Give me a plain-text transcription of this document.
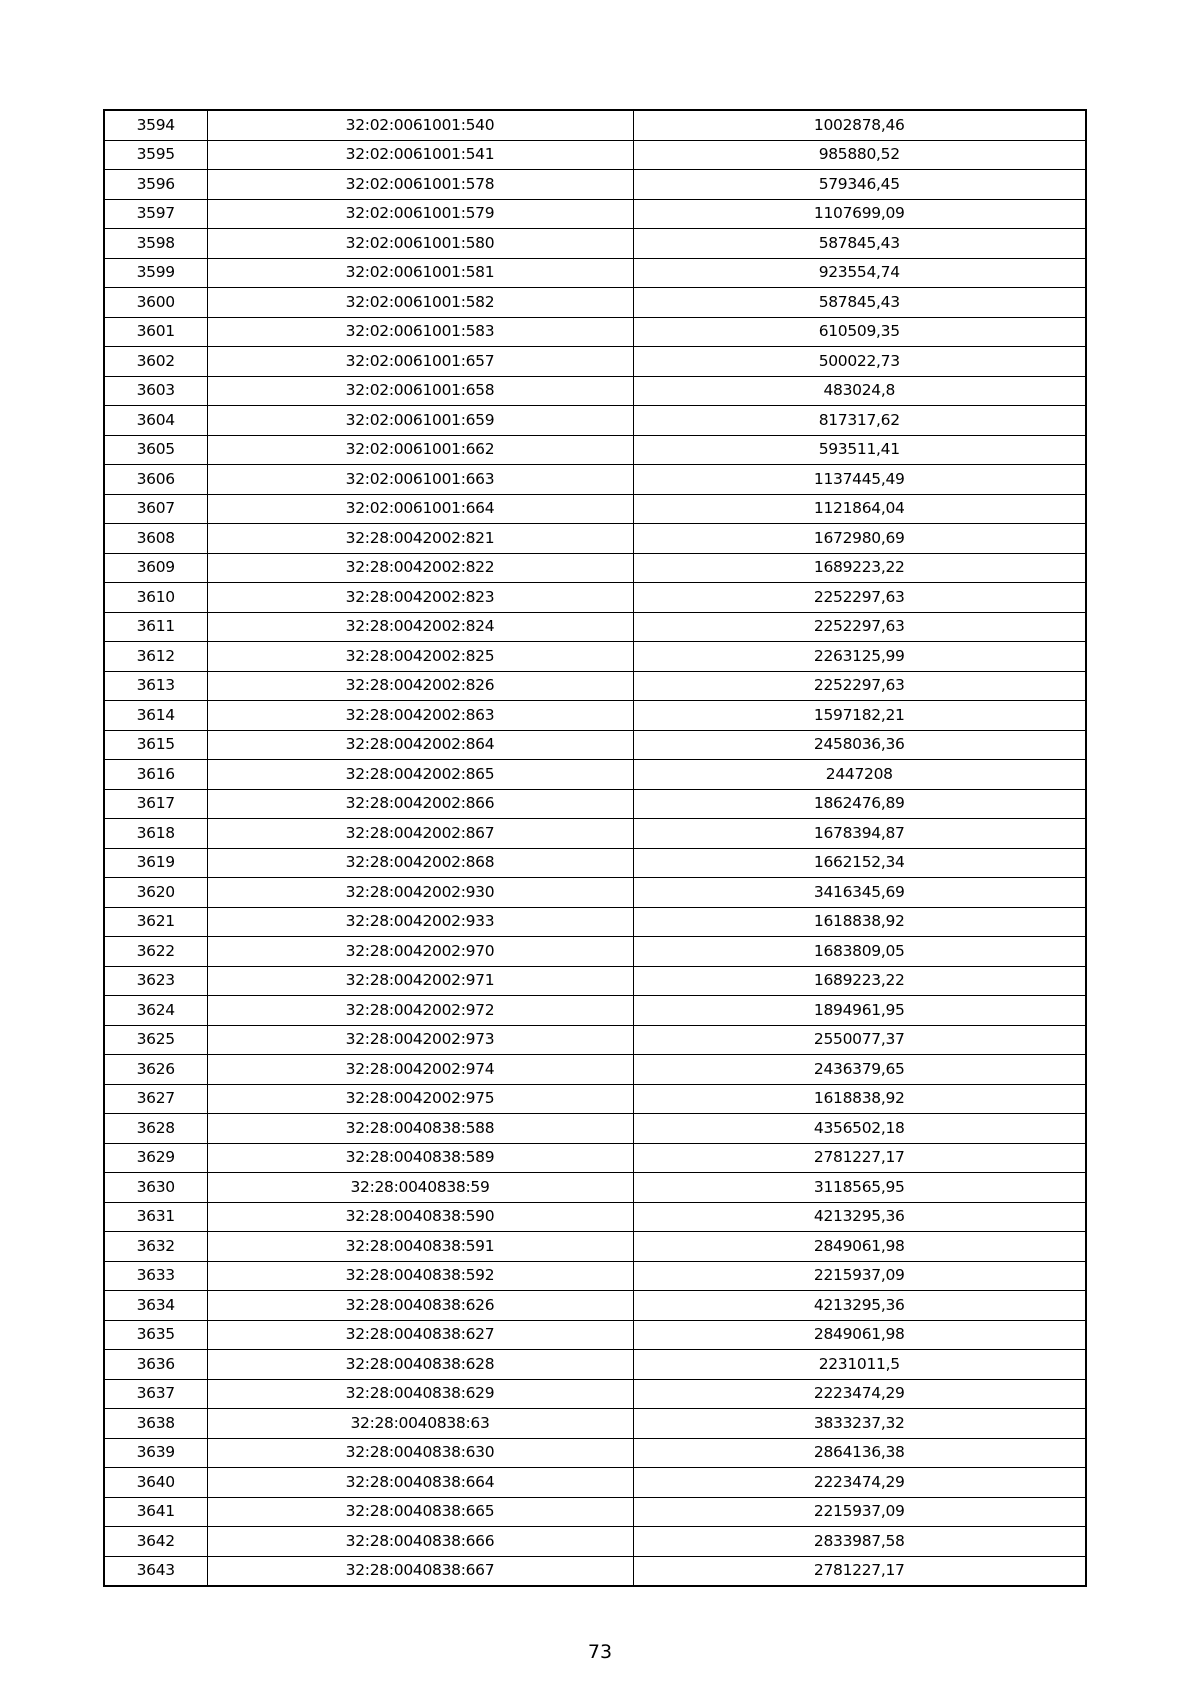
3594	32:02:0061001:540	1002878,46
3595	32:02:0061001:541	985880,52
3596	32:02:0061001:578	579346,45
3597	32:02:0061001:579	1107699,09
3598	32:02:0061001:580	587845,43
3599	32:02:0061001:581	923554,74
3600	32:02:0061001:582	587845,43
3601	32:02:0061001:583	610509,35
3602	32:02:0061001:657	500022,73
3603	32:02:0061001:658	483024,8
3604	32:02:0061001:659	817317,62
3605	32:02:0061001:662	593511,41
3606	32:02:0061001:663	1137445,49
3607	32:02:0061001:664	1121864,04
3608	32:28:0042002:821	1672980,69
3609	32:28:0042002:822	1689223,22
3610	32:28:0042002:823	2252297,63
3611	32:28:0042002:824	2252297,63
3612	32:28:0042002:825	2263125,99
3613	32:28:0042002:826	2252297,63
3614	32:28:0042002:863	1597182,21
3615	32:28:0042002:864	2458036,36
3616	32:28:0042002:865	2447208
3617	32:28:0042002:866	1862476,89
3618	32:28:0042002:867	1678394,87
3619	32:28:0042002:868	1662152,34
3620	32:28:0042002:930	3416345,69
3621	32:28:0042002:933	1618838,92
3622	32:28:0042002:970	1683809,05
3623	32:28:0042002:971	1689223,22
3624	32:28:0042002:972	1894961,95
3625	32:28:0042002:973	2550077,37
3626	32:28:0042002:974	2436379,65
3627	32:28:0042002:975	1618838,92
3628	32:28:0040838:588	4356502,18
3629	32:28:0040838:589	2781227,17
3630	32:28:0040838:59	3118565,95
3631	32:28:0040838:590	4213295,36
3632	32:28:0040838:591	2849061,98
3633	32:28:0040838:592	2215937,09
3634	32:28:0040838:626	4213295,36
3635	32:28:0040838:627	2849061,98
3636	32:28:0040838:628	2231011,5
3637	32:28:0040838:629	2223474,29
3638	32:28:0040838:63	3833237,32
3639	32:28:0040838:630	2864136,38
3640	32:28:0040838:664	2223474,29
3641	32:28:0040838:665	2215937,09
3642	32:28:0040838:666	2833987,58
3643	32:28:0040838:667	2781227,17
73
